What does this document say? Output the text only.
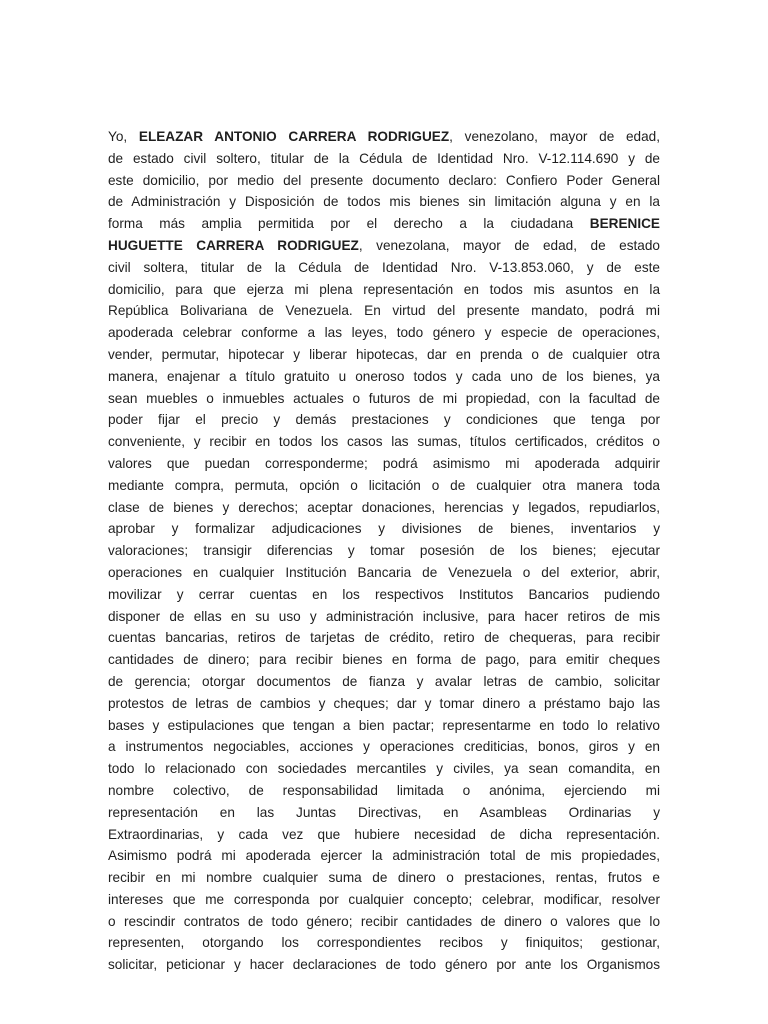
Yo, ELEAZAR ANTONIO CARRERA RODRIGUEZ, venezolano, mayor de edad,
de estado civil soltero, titular de la Cédula de Identidad Nro. V-12.114.690 y de
este domicilio, por medio del presente documento declaro: Confiero Poder General
de Administración y Disposición de todos mis bienes sin limitación alguna y en la
forma más amplia permitida por el derecho a la ciudadana BERENICE
HUGUETTE CARRERA RODRIGUEZ, venezolana, mayor de edad, de estado
civil soltera, titular de la Cédula de Identidad Nro. V-13.853.060, y de este
domicilio, para que ejerza mi plena representación en todos mis asuntos en la
República Bolivariana de Venezuela. En virtud del presente mandato, podrá mi
apoderada celebrar conforme a las leyes, todo género y especie de operaciones,
vender, permutar, hipotecar y liberar hipotecas, dar en prenda o de cualquier otra
manera, enajenar a título gratuito u oneroso todos y cada uno de los bienes, ya
sean muebles o inmuebles actuales o futuros de mi propiedad, con la facultad de
poder fijar el precio y demás prestaciones y condiciones que tenga por
conveniente, y recibir en todos los casos las sumas, títulos certificados, créditos o
valores que puedan corresponderme; podrá asimismo mi apoderada adquirir
mediante compra, permuta, opción o licitación o de cualquier otra manera toda
clase de bienes y derechos; aceptar donaciones, herencias y legados, repudiarlos,
aprobar y formalizar adjudicaciones y divisiones de bienes, inventarios y
valoraciones; transigir diferencias y tomar posesión de los bienes; ejecutar
operaciones en cualquier Institución Bancaria de Venezuela o del exterior, abrir,
movilizar y cerrar cuentas en los respectivos Institutos Bancarios pudiendo
disponer de ellas en su uso y administración inclusive, para hacer retiros de mis
cuentas bancarias, retiros de tarjetas de crédito, retiro de chequeras, para recibir
cantidades de dinero; para recibir bienes en forma de pago, para emitir cheques
de gerencia; otorgar documentos de fianza y avalar letras de cambio, solicitar
protestos de letras de cambios y cheques; dar y tomar dinero a préstamo bajo las
bases y estipulaciones que tengan a bien pactar; representarme en todo lo relativo
a instrumentos negociables, acciones y operaciones crediticias, bonos, giros y en
todo lo relacionado con sociedades mercantiles y civiles, ya sean comandita, en
nombre colectivo, de responsabilidad limitada o anónima, ejerciendo mi
representación en las Juntas Directivas, en Asambleas Ordinarias y
Extraordinarias, y cada vez que hubiere necesidad de dicha representación.
Asimismo podrá mi apoderada ejercer la administración total de mis propiedades,
recibir en mi nombre cualquier suma de dinero o prestaciones, rentas, frutos e
intereses que me corresponda por cualquier concepto; celebrar, modificar, resolver
o rescindir contratos de todo género; recibir cantidades de dinero o valores que lo
representen, otorgando los correspondientes recibos y finiquitos; gestionar,
solicitar, peticionar y hacer declaraciones de todo género por ante los Organismos
